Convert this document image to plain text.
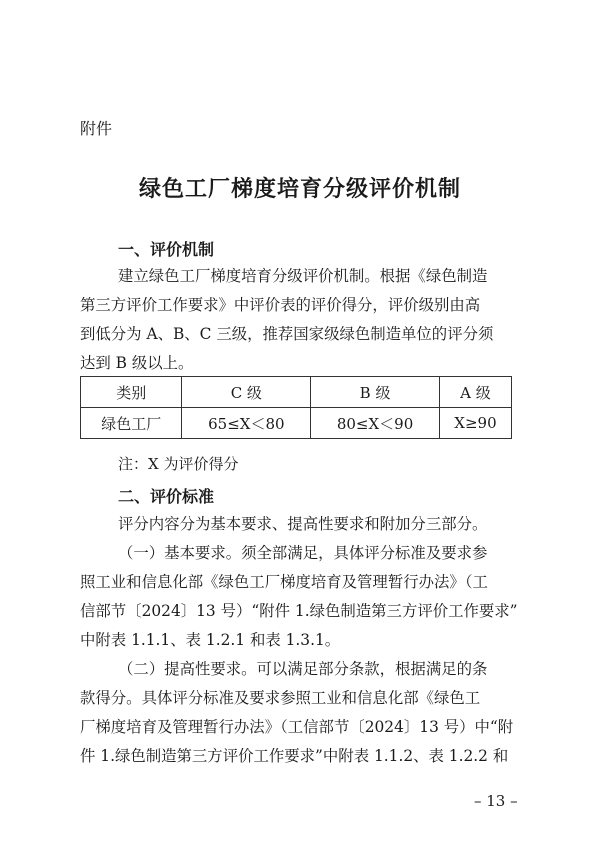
附件
绿色工厂梯度培育分级评价机制
一、评价机制
建立绿色工厂梯度培育分级评价机制。根据《绿色制造
第三方评价工作要求》中评价表的评价得分，评价级别由高
到低分为 A、B、C 三级，推荐国家级绿色制造单位的评分须
达到 B 级以上。
类别	C 级	B 级	A 级
绿色工厂	65≤X＜80	80≤X＜90	X≥90
注：X 为评价得分
二、评价标准
评分内容分为基本要求、提高性要求和附加分三部分。
（一）基本要求。须全部满足，具体评分标准及要求参
照工业和信息化部《绿色工厂梯度培育及管理暂行办法》（工
信部节〔2024〕13 号）“附件 1.绿色制造第三方评价工作要求”
中附表 1.1.1、表 1.2.1 和表 1.3.1。
（二）提高性要求。可以满足部分条款，根据满足的条
款得分。具体评分标准及要求参照工业和信息化部《绿色工
厂梯度培育及管理暂行办法》（工信部节〔2024〕13 号）中“附
件 1.绿色制造第三方评价工作要求”中附表 1.1.2、表 1.2.2 和
– 13 –
